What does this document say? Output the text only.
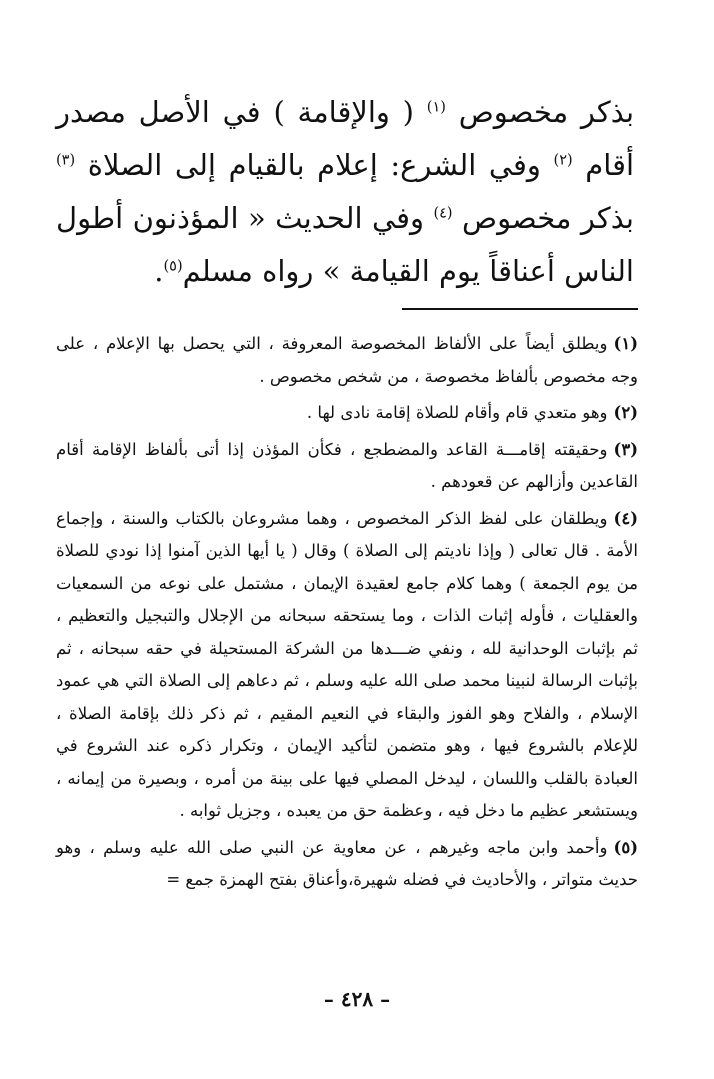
بذكر مخصوص $^{(١)}$ ( والإقامة ) في الأصل مصدر أقام $^{(٢)}$ وفي الشرع: إعلام بالقيام إلى الصلاة $^{(٣)}$ بذكر مخصوص $^{(٤)}$ وفي الحديث « المؤذنون أطول الناس أعناقاً يوم القيامة » رواه مسلم$^{(٥)}$.

(١)ويطلق أيضاً على الألفاظ المخصوصة المعروفة ، التي يحصل بها الإعلام ، على وجه مخصوص بألفاظ مخصوصة ، من شخص مخصوص .

(٢)وهو متعدي قام وأقام للصلاة إقامة نادى لها .

(٣)وحقيقته إقامـــة القاعد والمضطجع ، فكأن المؤذن إذا أتى بألفاظ الإقامة أقام القاعدين وأزالهم عن قعودهم .

(٤)ويطلقان على لفظ الذكر المخصوص ، وهما مشروعان بالكتاب والسنة ، وإجماع الأمة . قال تعالى ( وإذا ناديتم إلى الصلاة ) وقال ( يا أيها الذين آمنوا إذا نودي للصلاة من يوم الجمعة ) وهما كلام جامع لعقيدة الإيمان ، مشتمل على نوعه من السمعيات والعقليات ، فأوله إثبات الذات ، وما يستحقه سبحانه من الإجلال والتبجيل والتعظيم ، ثم بإثبات الوحدانية لله ، ونفي ضـــدها من الشركة المستحيلة في حقه سبحانه ، ثم بإثبات الرسالة لنبينا محمد صلى الله عليه وسلم ، ثم دعاهم إلى الصلاة التي هي عمود الإسلام ، والفلاح وهو الفوز والبقاء في النعيم المقيم ، ثم ذكر ذلك بإقامة الصلاة ، للإعلام بالشروع فيها ، وهو متضمن لتأكيد الإيمان ، وتكرار ذكره عند الشروع في العبادة بالقلب واللسان ، ليدخل المصلي فيها على بينة من أمره ، وبصيرة من إيمانه ، ويستشعر عظيم ما دخل فيه ، وعظمة حق من يعبده ، وجزيل ثوابه .

(٥)وأحمد وابن ماجه وغيرهم ، عن معاوية عن النبي صلى الله عليه وسلم ، وهو حديث متواتر ، والأحاديث في فضله شهيرة،وأعناق بفتح الهمزة جمع =

– ٤٢٨ –
